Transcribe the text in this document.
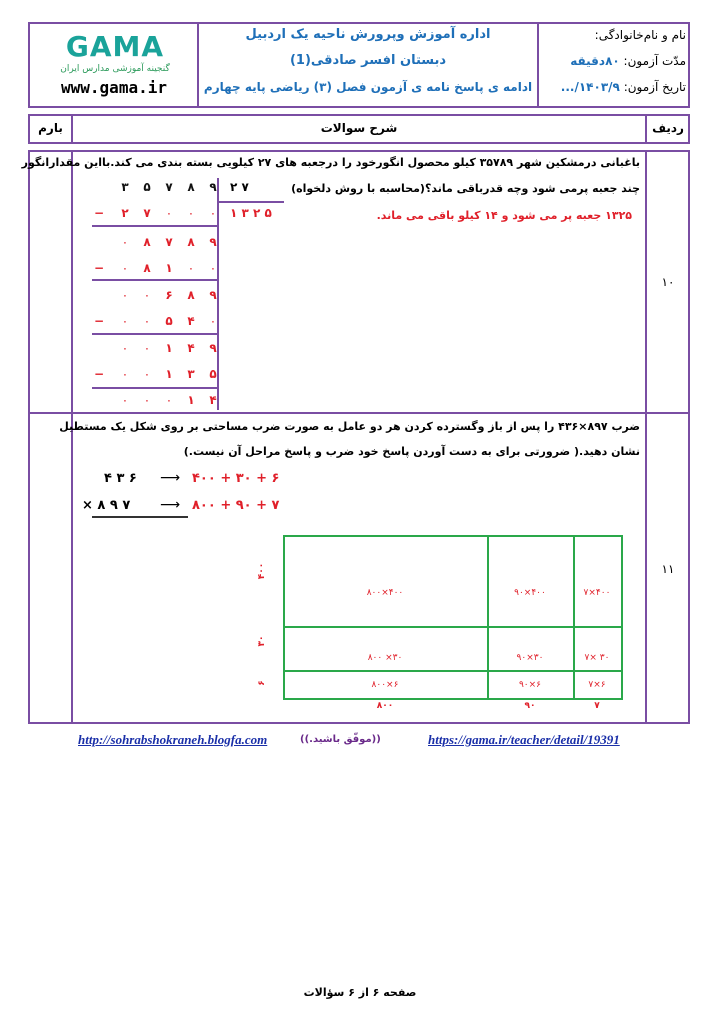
GAMA
گنجینه آموزشی مدارس ایران
www.gama.ir
اداره آموزش وپرورش ناحیه یک اردبیل
دبستان افسر صادقی(1)
ادامه ی پاسخ نامه ی آزمون فصل (۳) ریاضی پایه چهارم
نام و نام‌خانوادگی:
مدّت آزمون: ۸۰دقیقه
تاریخ آزمون: ۱۴۰۳/۹/...
بارم	شرح سوالات	ردیف
۱۰
باغبانی درمشکین شهر ۳۵۷۸۹ کیلو محصول انگورخود را درجعبه های ۲۷ کیلویی بسته بندی می کند.بااین مقدارانگور
چند جعبه پرمی شود وچه قدرباقی ماند؟(محاسبه با روش دلخواه)
۱۳۲۵ جعبه پر می شود و ۱۴ کیلو باقی می ماند.
۳ ۵ ۷ ۸ ۹
− ۲ ۷	۰	۰	۰
۰	۸ ۷ ۸ ۹
−	۰	۸ ۱	۰	۰
۰	۰	۶ ۸ ۹
−	۰	۰	۵ ۴	۰
۰	۰	۱ ۴ ۹
−	۰	۰	۱ ۳ ۵
۰	۰	۰	۱ ۴
۲ ۷
۱ ۳ ۲ ۵
۱۱
ضرب ۸۹۷×۴۳۶ را پس از باز وگسترده کردن هر دو عامل به صورت ضرب مساحتی بر روی شکل یک مستطیل
نشان دهید.( ضرورتی برای به دست آوردن پاسخ خود ضرب و پاسخ مراحل آن نیست.)
۴ ۳ ۶ ⟶ ۴۰۰ + ۳۰ + ۶
× ۸ ۹ ۷ ⟶ ۸۰۰ + ۹۰ + ۷
۸۰۰×۴۰۰	۹۰×۴۰۰	۷×۴۰۰
۸۰۰ ×۳۰	۹۰×۳۰	۷× ۳۰
۸۰۰×۶	۹۰×۶	۷×۶
۴۰۰
۳۰
۶
۸۰۰	۹۰	۷
http://sohrabshokraneh.blogfa.com	((موفّق باشید.))	https://gama.ir/teacher/detail/19391
صفحه ۶ از ۶ سؤالات
